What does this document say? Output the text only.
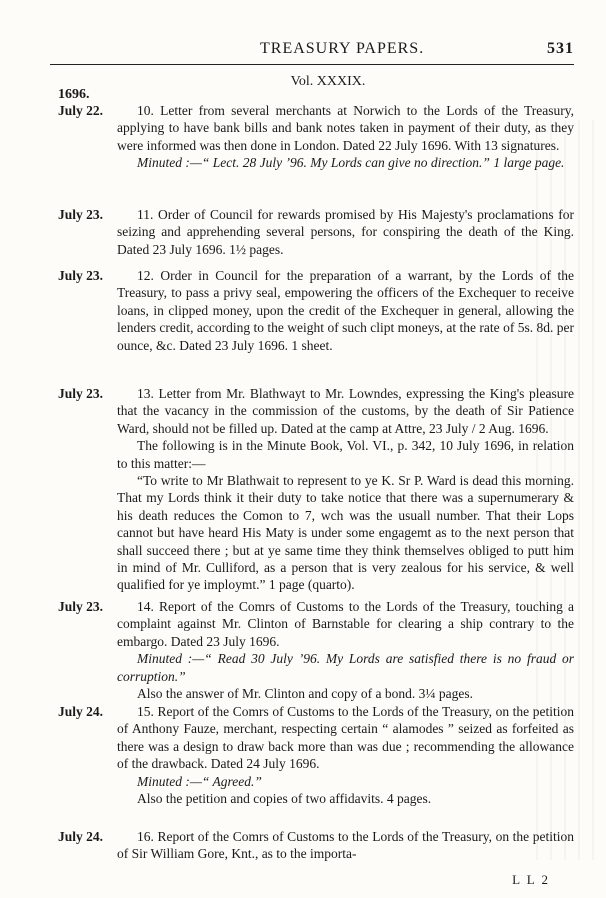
TREASURY PAPERS.	531
Vol. XXXIX.
1696.
July 22.	10. Letter from several merchants at Norwich to the Lords of the Treasury, applying to have bank bills and bank notes taken in payment of their duty, as they were informed was then done in London. Dated 22 July 1696. With 13 signatures.

Minuted :—“ Lect. 28 July ’96. My Lords can give no direction.” 1 large page.

July 23.	11. Order of Council for rewards promised by His Majesty's proclamations for seizing and apprehending several persons, for conspiring the death of the King. Dated 23 July 1696. 1½ pages.

July 23.	12. Order in Council for the preparation of a warrant, by the Lords of the Treasury, to pass a privy seal, empowering the officers of the Exchequer to receive loans, in clipped money, upon the credit of the Exchequer in general, allowing the lenders credit, according to the weight of such clipt moneys, at the rate of 5s. 8d. per ounce, &c. Dated 23 July 1696. 1 sheet.

July 23.	13. Letter from Mr. Blathwayt to Mr. Lowndes, expressing the King's pleasure that the vacancy in the commission of the customs, by the death of Sir Patience Ward, should not be filled up. Dated at the camp at Attre, 23 July / 2 Aug. 1696.

The following is in the Minute Book, Vol. VI., p. 342, 10 July 1696, in relation to this matter:—

“To write to Mr Blathwait to represent to ye K. Sr P. Ward is dead this morning. That my Lords think it their duty to take notice that there was a supernumerary & his death reduces the Comon to 7, wch was the usuall number. That their Lops cannot but have heard His Maty is under some engagemt as to the next person that shall succeed there ; but at ye same time they think themselves obliged to putt him in mind of Mr. Culliford, as a person that is very zealous for his service, & well qualified for ye imploymt.” 1 page (quarto).

July 23.	14. Report of the Comrs of Customs to the Lords of the Treasury, touching a complaint against Mr. Clinton of Barnstable for clearing a ship contrary to the embargo. Dated 23 July 1696.

Minuted :—“ Read 30 July ’96. My Lords are satisfied there is no fraud or corruption.”

Also the answer of Mr. Clinton and copy of a bond. 3¼ pages.

July 24.	15. Report of the Comrs of Customs to the Lords of the Treasury, on the petition of Anthony Fauze, merchant, respecting certain “ alamodes ” seized as forfeited as there was a design to draw back more than was due ; recommending the allowance of the drawback. Dated 24 July 1696.

Minuted :—“ Agreed.”

Also the petition and copies of two affidavits. 4 pages.

July 24.	16. Report of the Comrs of Customs to the Lords of the Treasury, on the petition of Sir William Gore, Knt., as to the importa-

L L 2
